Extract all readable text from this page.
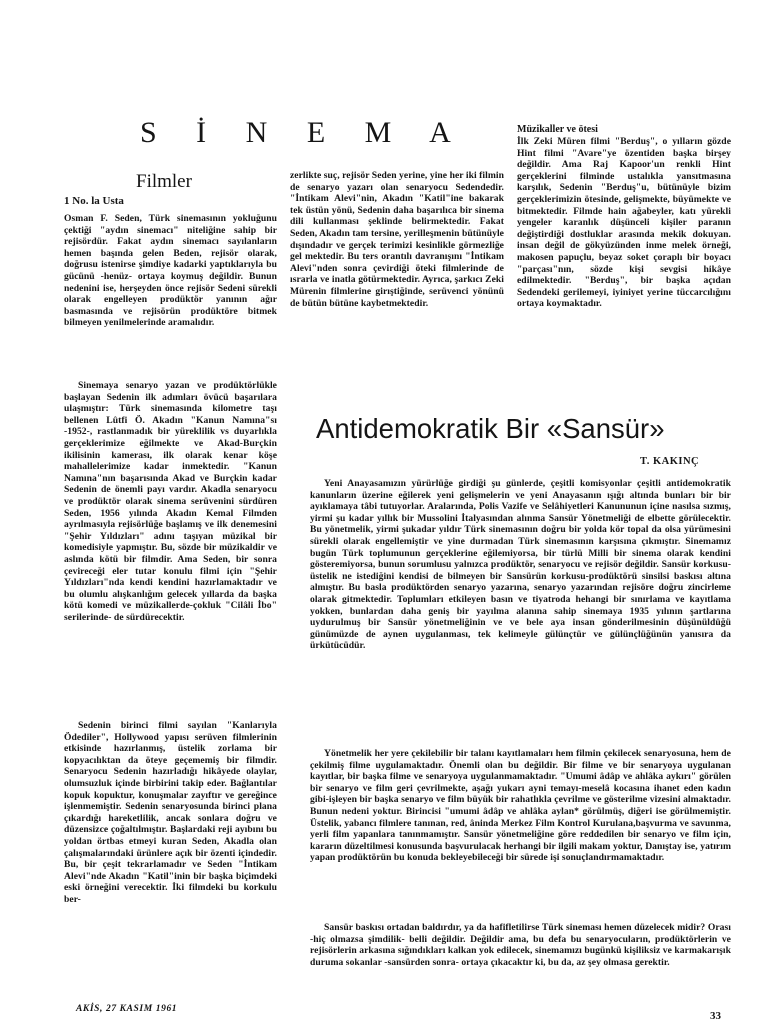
S İ N E M A
Filmler
1 No. la Usta

Osman F. Seden, Türk sinemasının yokluğunu çektiği "aydın sinemacı" niteliğine sahip bir rejisördür. Fakat aydın sinemacı sayılanların hemen başında gelen Beden, rejisör olarak, doğrusu istenirse şimdiye kadarki yaptıklarıyla bu gücünü -henüz- ortaya koymuş değildir. Bunun nedenini ise, herşeyden önce rejisör Sedeni sürekli olarak engelleyen prodüktör yanının ağır basmasında ve rejisörün prodüktöre bitmek bilmeyen yenilmelerinde aramalıdır.

Sinemaya senaryo yazan ve prodüktörlükle başlayan Sedenin ilk adımları övücü başarılara ulaşmıştır: Türk sinemasında kilometre taşı bellenen Lûtfi Ö. Akadın "Kanun Namına"sı -1952-, rastlanmadık bir yüreklilik vs duyarlıkla gerçeklerimize eğilmekte ve Akad-Burçkin ikilisinin kamerası, ilk olarak kenar köşe mahallelerimize kadar inmektedir. "Kanun Namına"nın başarısında Akad ve Burçkin kadar Sedenin de önemli payı vardır. Akadla senaryocu ve prodüktör olarak sinema serüvenini sürdüren Seden, 1956 yılında Akadın Kemal Filmden ayrılmasıyla rejisörlüğe başlamış ve ilk denemesini "Şehir Yıldızları" adını taşıyan müzikal bir komedisiyle yapmıştır. Bu, sözde bir müzikaldir ve aslında kötü bir filmdir. Ama Seden, bir sonra çevireceği eler tutar konulu filmi için "Şehir Yıldızları"nda kendi kendini hazırlamaktadır ve bu olumlu alışkanlığım gelecek yıllarda da başka kötü komedi ve müzikallerde-çokluk "Cilâli İbo" serilerinde- de sürdürecektir.

Sedenin birinci filmi sayılan "Kanlarıyla Ödediler", Hollywood yapısı serüven filmlerinin etkisinde hazırlanmış, üstelik zorlama bir kopyacılıktan da öteye geçememiş bir filmdir. Senaryocu Sedenin hazırladığı hikâyede olaylar, olumsuzluk içinde birbirini takip eder. Bağlantılar kopuk kopuktur, konuşmalar zayıftır ve gereğince işlenmemiştir. Sedenin senaryosunda birinci plana çıkardığı hareketlilik, ancak sonlara doğru ve düzensizce çoğaltılmıştır. Başlardaki reji ayıbını bu yoldan örtbas etmeyi kuran Seden, Akadla olan çalışmalarındaki ürünlere açık bir özenti içindedir. Bu, bir çeşit tekrarlamadır ve Seden "İntikam Alevi"nde Akadın "Katil"inin bir başka biçimdeki eski örneğini verecektir. İki filmdeki bu korkulu ber-

zerlikte suç, rejisör Seden yerine, yine her iki filmin de senaryo yazarı olan senaryocu Sedendedir. "İntikam Alevi"nin, Akadın "Katil"ine bakarak tek üstün yönü, Sedenin daha başarılıca bir sinema dili kullanması şeklinde belirmektedir. Fakat Seden, Akadın tam tersine, yerilleşmenin bütünüyle dışındadır ve gerçek terimizi kesinlikle görmezliğe gel mektedir. Bu ters orantılı davranışını "İntikam Alevi"nden sonra çevirdiği öteki filmlerinde de ısrarla ve inatla götürmektedir. Ayrıca, şarkıcı Zeki Mürenin filmlerine girıştiğinde, serüvenci yönünü de bütün bütüne kaybetmektedir.

Müzikaller ve ötesi

İlk Zeki Müren filmi "Berduş", o yılların gözde Hint filmi "Avare"ye özentiden başka birşey değildir. Ama Raj Kapoor'un renkli Hint gerçeklerini filminde ustalıkla yansıtmasına karşılık, Sedenin "Berduş"u, bütünüyle bizim gerçeklerimizin ötesinde, gelişmekte, büyümekte ve bitmektedir. Filmde hain ağabeyler, katı yürekli yengeler karanlık düşünceli kişiler paranın değiştirdiği dostluklar arasında mekik dokuyan. insan değil de gökyüzünden inme melek örneği, makosen papuçlu, beyaz soket çoraplı bir boyacı "parçası"nın, sözde kişi sevgisi hikâye edilmektedir. "Berduş", bir başka açıdan Sedendeki gerilemeyi, iyiniyet yerine tüccarcılığını ortaya koymaktadır.

Antidemokratik Bir «Sansür»
T. KAKINÇ

Yeni Anayasamızın yürürlüğe girdiği şu günlerde, çeşitli komisyonlar çeşitli antidemokratik kanunların üzerine eğilerek yeni gelişmelerin ve yeni Anayasanın ışığı altında bunları bir bir ayıklamaya tâbi tutuyorlar. Aralarında, Polis Vazife ve Selâhiyetleri Kanununun içine nasılsa sızmış, yirmi şu kadar yıllık bir Mussolini İtalyasından alınma Sansür Yönetmeliği de elbette görülecektir. Bu yönetmelik, yirmi şukadar yıldır Türk sinemasının doğru bir yolda kör topal da olsa yürümesini sürekli olarak engellemiştir ve yine durmadan Türk sinemasının karşısına çıkmıştır. Sinemamız bugün Türk toplumunun gerçeklerine eğilemiyorsa, bir türlü Milli bir sinema olarak kendini gösteremiyorsa, bunun sorumlusu yalnızca prodüktör, senaryocu ve rejisör değildir. Sansür korkusu-üstelik ne istediğini kendisi de bilmeyen bir Sansürün korkusu-prodüktörü sinsilsi baskısı altına almıştır. Bu basla prodüktörden senaryo yazarına, senaryo yazarından rejisöre doğru zincirleme olarak gitmektedir. Toplumları etkileyen basın ve tiyatroda hehangi bir sınırlama ve kayıtlama yokken, bunlardan daha geniş bir yayılma alanına sahip sinemaya 1935 yılının şartlarına uydurulmuş bir Sansür yönetmeliğinin ve ve bele aya insan gönderilmesinin düşünüldüğü günümüzde de aynen uygulanması, tek kelimeyle gülünçtür ve gülünçlüğünün yanısıra da ürkütücüdür.

Yönetmelik her yere çekilebilir bir talanı kayıtlamaları hem filmin çekilecek senaryosuna, hem de çekilmiş filme uygulamaktadır. Önemli olan bu değildir. Bir filme ve bir senaryoya uygulanan kayıtlar, bir başka filme ve senaryoya uygulanmamaktadır. "Umumi âdâp ve ahlâka aykırı" görülen bir senaryo ve film geri çevrilmekte, aşağı yukarı ayni temayı-meselâ kocasına ihanet eden kadın gibi-işleyen bir başka senaryo ve film büyük bir rahatlıkla çevrilme ve gösterilme vizesini almaktadır. Bunun nedeni yoktur. Birincisi "umumi âdâp ve ahlâka aylan* görülmüş, diğeri ise görülmemiştir. Üstelik, yabancı filmlere tanınan, red, âninda Merkez Film Kontrol Kurulana,başvurma ve savunma, yerli film yapanlara tanınmamıştır. Sansür yönetmeliğine göre reddedilen bir senaryo ve film için, kararın düzeltilmesi konusunda başvurulacak herhangi bir ilgili makam yoktur, Danıştay ise, yatırım yapan prodüktörün bu konuda bekleyebileceği bir sürede işi sonuçlandırmamaktadır.

Sansür baskısı ortadan baldırdır, ya da hafifletilirse Türk sineması hemen düzelecek midir? Orası -hiç olmazsa şimdilik- belli değildir. Değildir ama, bu defa bu senaryocuların, prodüktörlerin ve rejisörlerin arkasına sığındıkları kalkan yok edilecek, sinemamızı bugünkü kişiliksiz ve karmakarışık duruma sokanlar -sansürden sonra- ortaya çıkacaktır ki, bu da, az şey olmasa gerektir.

AKİS, 27 KASIM 1961
33
